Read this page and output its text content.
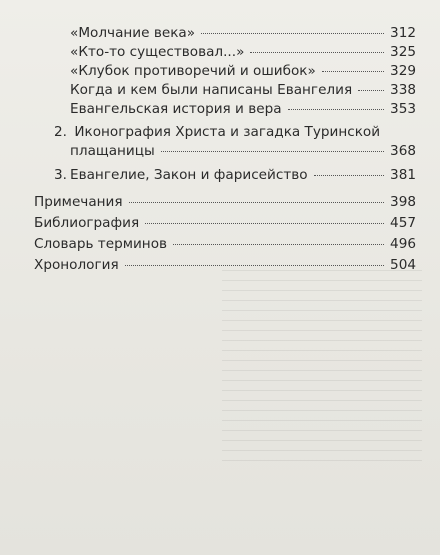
«Молчание века»	312
«Кто-то существовал...»	325
«Клубок противоречий и ошибок»	329
Когда и кем были написаны Евангелия	338
Евангельская история и вера	353
2. Иконография Христа и загадка Туринской
плащаницы	368
3. Евангелие, Закон и фарисейство	381
Примечания	398
Библиография	457
Словарь терминов	496
Хронология	504
